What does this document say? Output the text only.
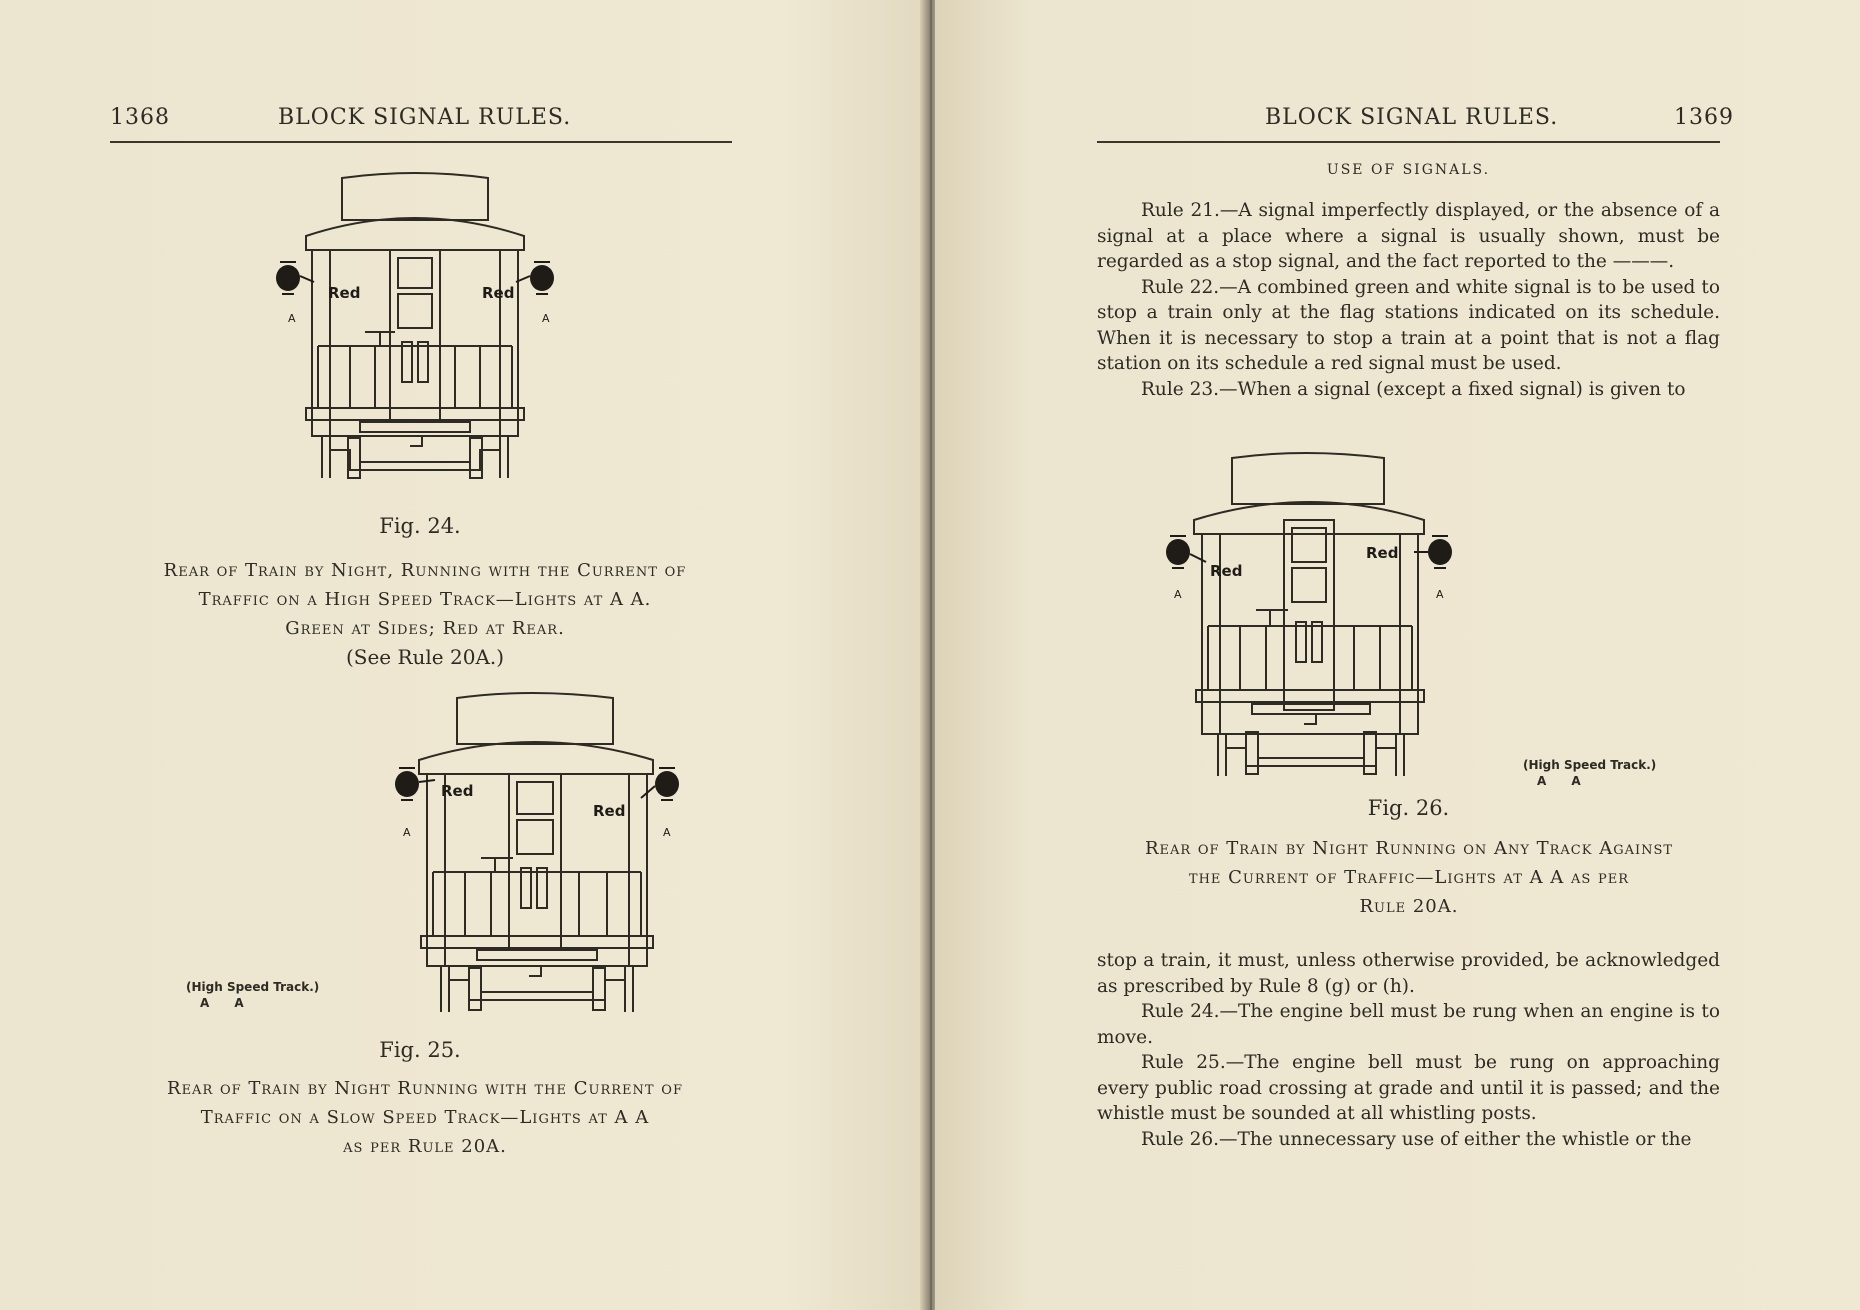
1368	BLOCK SIGNAL RULES.
Red	Red
A	A
Fig. 24.
Rear of Train by Night, Running with the Current of
Traffic on a High Speed Track—Lights at A A.
Green at Sides; Red at Rear.
(See Rule 20A.)
Red
Red
A	A
(High Speed Track.)
A      A
Fig. 25.
Rear of Train by Night Running with the Current of
Traffic on a Slow Speed Track—Lights at A A
as per Rule 20A.
BLOCK SIGNAL RULES.	1369
USE OF SIGNALS.

Rule 21.—A signal imperfectly displayed, or the absence of a signal at a place where a signal is usually shown, must be regarded as a stop signal, and the fact reported to the ———.

Rule 22.—A combined green and white signal is to be used to stop a train only at the flag stations indicated on its schedule. When it is necessary to stop a train at a point that is not a flag station on its schedule a red signal must be used.

Rule 23.—When a signal (except a fixed signal) is given to

Red
Red
A	A
(High Speed Track.)
A      A
Fig. 26.
Rear of Train by Night Running on Any Track Against
the Current of Traffic—Lights at A A as per
Rule 20A.

stop a train, it must, unless otherwise provided, be acknowledged as prescribed by Rule 8 (g) or (h).

Rule 24.—The engine bell must be rung when an engine is to move.

Rule 25.—The engine bell must be rung on approaching every public road crossing at grade and until it is passed; and the whistle must be sounded at all whistling posts.

Rule 26.—The unnecessary use of either the whistle or the
